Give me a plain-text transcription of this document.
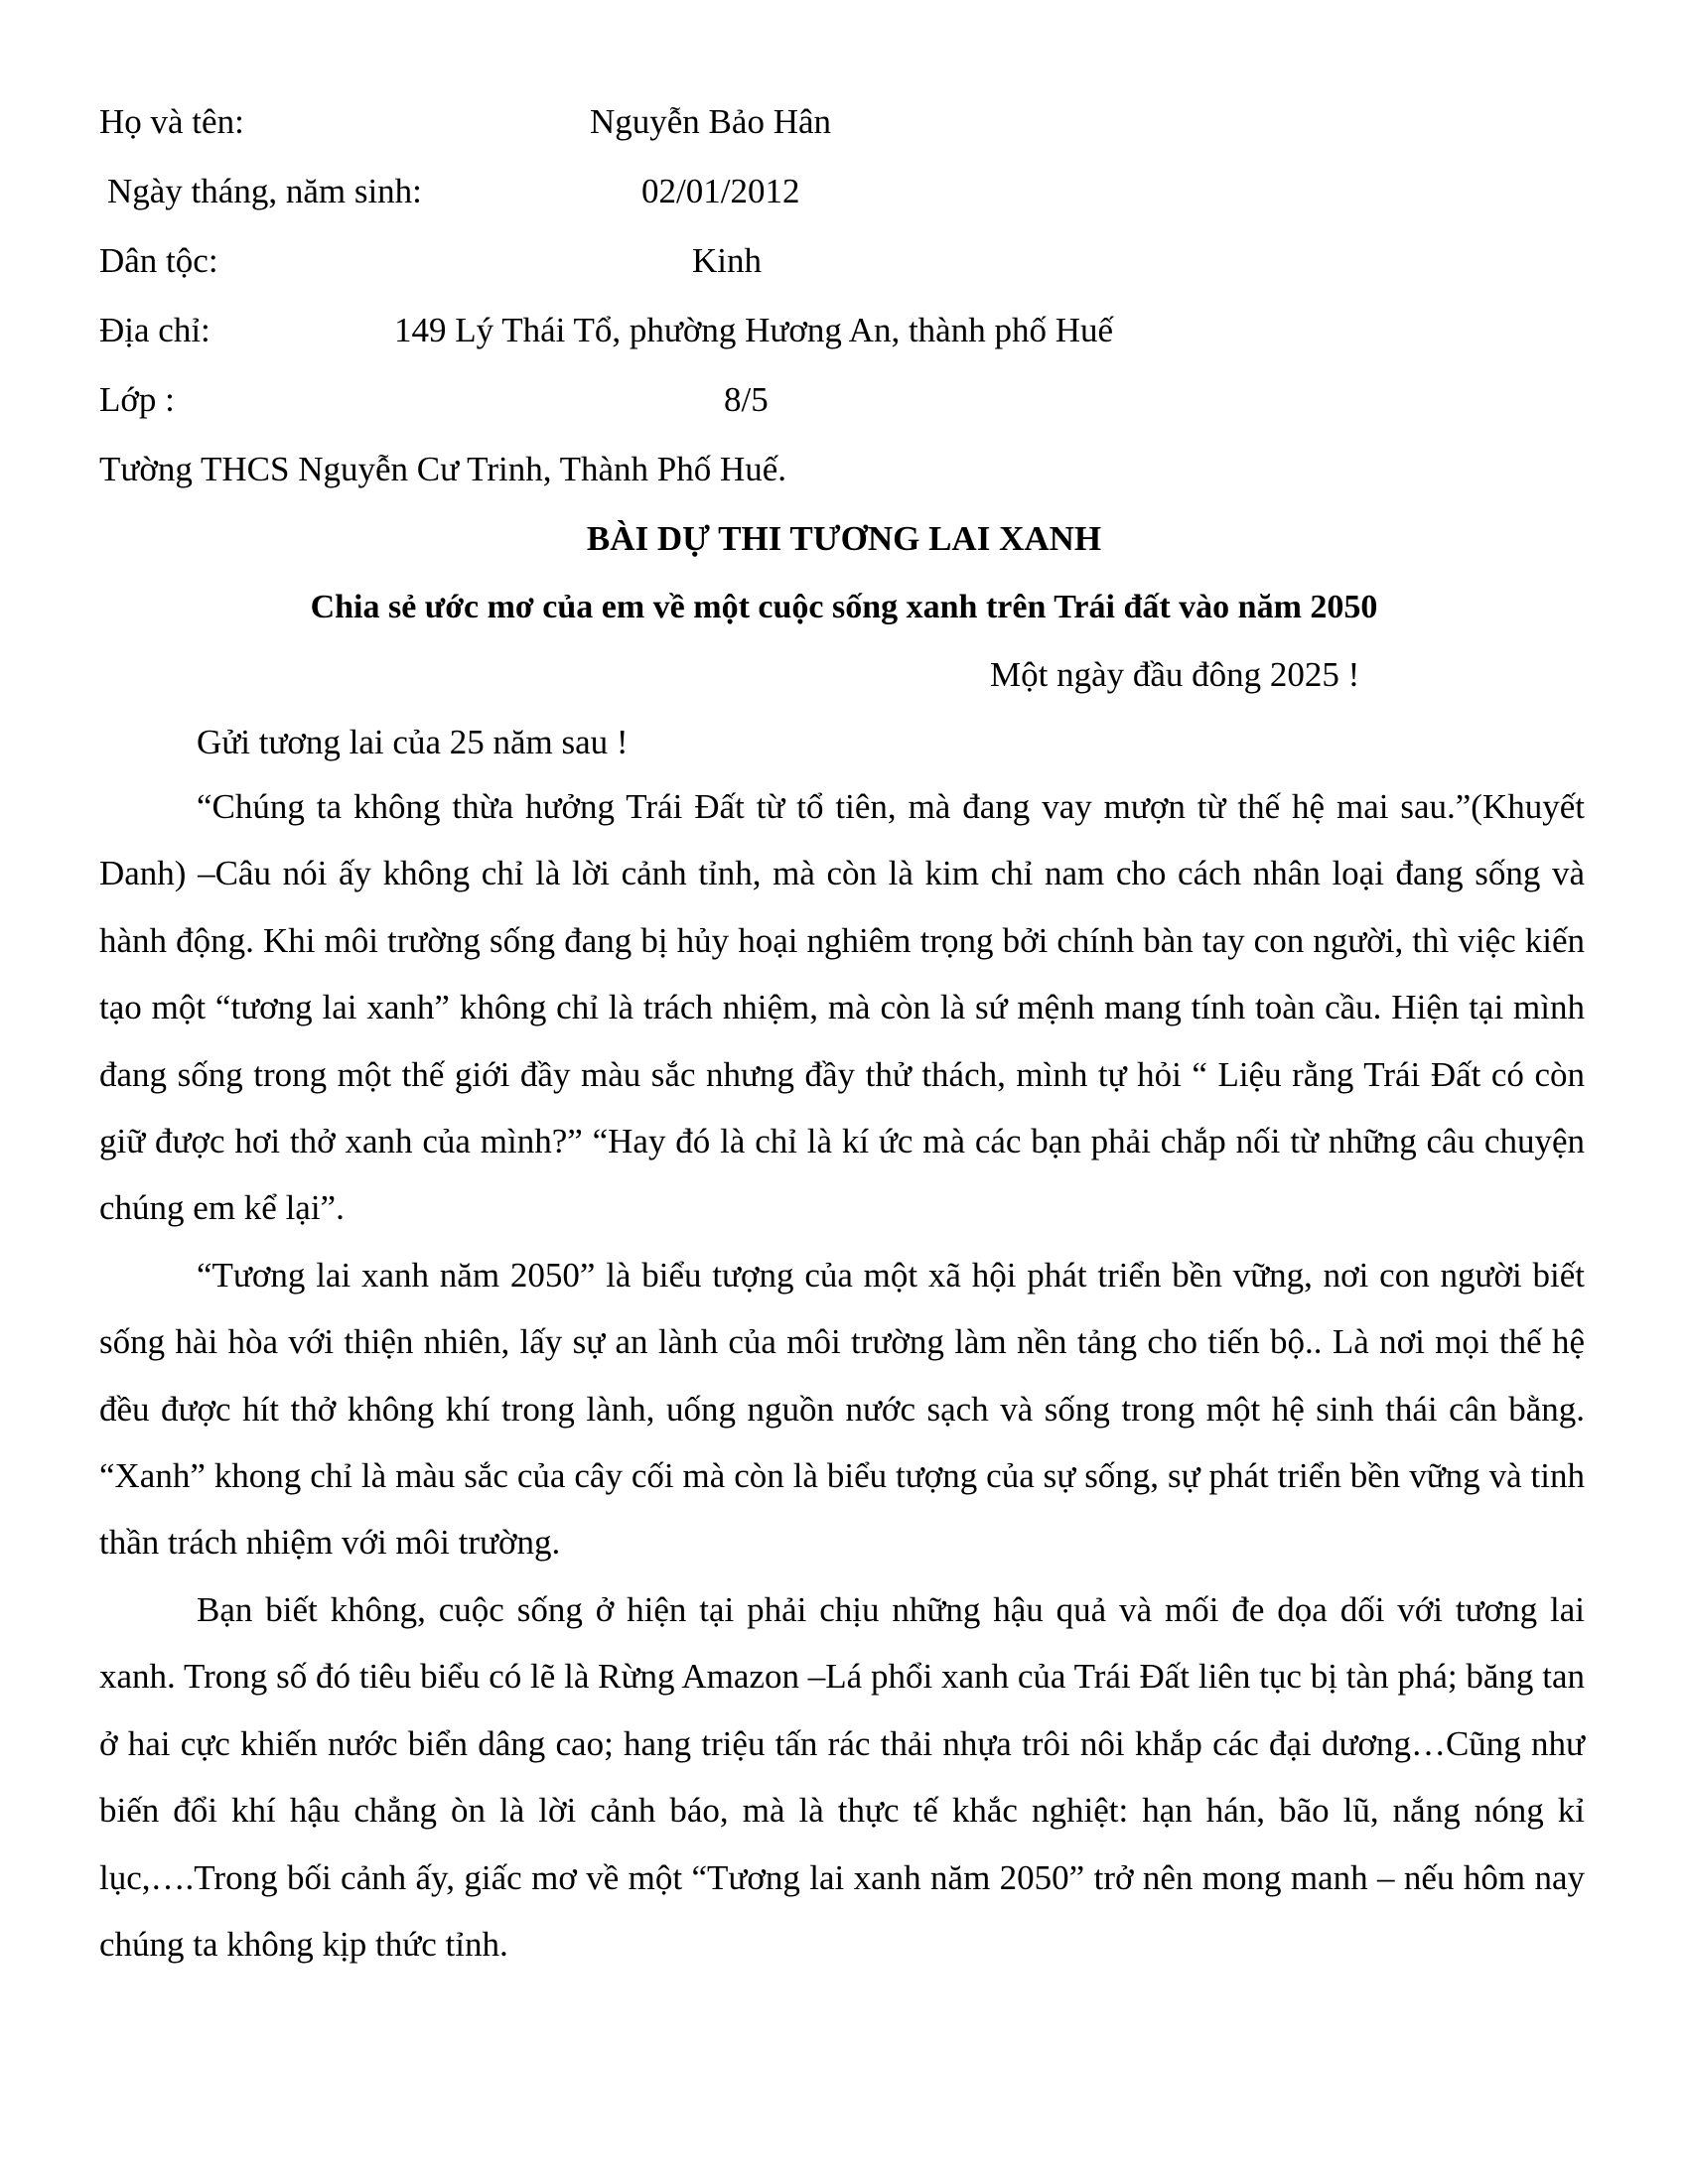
Họ và tên:	Nguyễn Bảo Hân
Ngày tháng, năm sinh:	02/01/2012
Dân tộc:	Kinh
Địa chỉ:	149 Lý Thái Tổ, phường Hương An, thành phố Huế
Lớp :	8/5
Tường THCS Nguyễn Cư Trinh, Thành Phố Huế.
BÀI DỰ THI TƯƠNG LAI XANH
Chia sẻ ước mơ của em về một cuộc sống xanh trên Trái đất vào năm 2050
Một ngày đầu đông 2025 !
Gửi tương lai của 25 năm sau !

“Chúng ta không thừa hưởng Trái Đất từ tổ tiên, mà đang vay mượn từ thế hệ mai sau.”(Khuyết Danh) –Câu nói ấy không chỉ là lời cảnh tỉnh, mà còn là kim chỉ nam cho cách nhân loại đang sống và hành động. Khi môi trường sống đang bị hủy hoại nghiêm trọng bởi chính bàn tay con người, thì việc kiến tạo một “tương lai xanh” không chỉ là trách nhiệm, mà còn là sứ mệnh mang tính toàn cầu. Hiện tại mình đang sống trong một thế giới đầy màu sắc nhưng đầy thử thách, mình tự hỏi “ Liệu rằng Trái Đất có còn giữ được hơi thở xanh của mình?” “Hay đó là chỉ là kí ức mà các bạn phải chắp nối từ những câu chuyện chúng em kể lại”.

“Tương lai xanh năm 2050” là biểu tượng của một xã hội phát triển bền vững, nơi con người biết sống hài hòa với thiện nhiên, lấy sự an lành của môi trường làm nền tảng cho tiến bộ.. Là nơi mọi thế hệ đều được hít thở không khí trong lành, uống nguồn nước sạch và sống trong một hệ sinh thái cân bằng. “Xanh” khong chỉ là màu sắc của cây cối mà còn là biểu tượng của sự sống, sự phát triển bền vững và tinh thần trách nhiệm với môi trường.

Bạn biết không, cuộc sống ở hiện tại phải chịu những hậu quả và mối đe dọa dối với tương lai xanh. Trong số đó tiêu biểu có lẽ là Rừng Amazon –Lá phổi xanh của Trái Đất liên tục bị tàn phá; băng tan ở hai cực khiến nước biển dâng cao; hang triệu tấn rác thải nhựa trôi nôi khắp các đại dương…Cũng như biến đổi khí hậu chẳng òn là lời cảnh báo, mà là thực tế khắc nghiệt: hạn hán, bão lũ, nắng nóng kỉ lục,….Trong bối cảnh ấy, giấc mơ về một “Tương lai xanh năm 2050” trở nên mong manh – nếu hôm nay chúng ta không kịp thức tỉnh.
